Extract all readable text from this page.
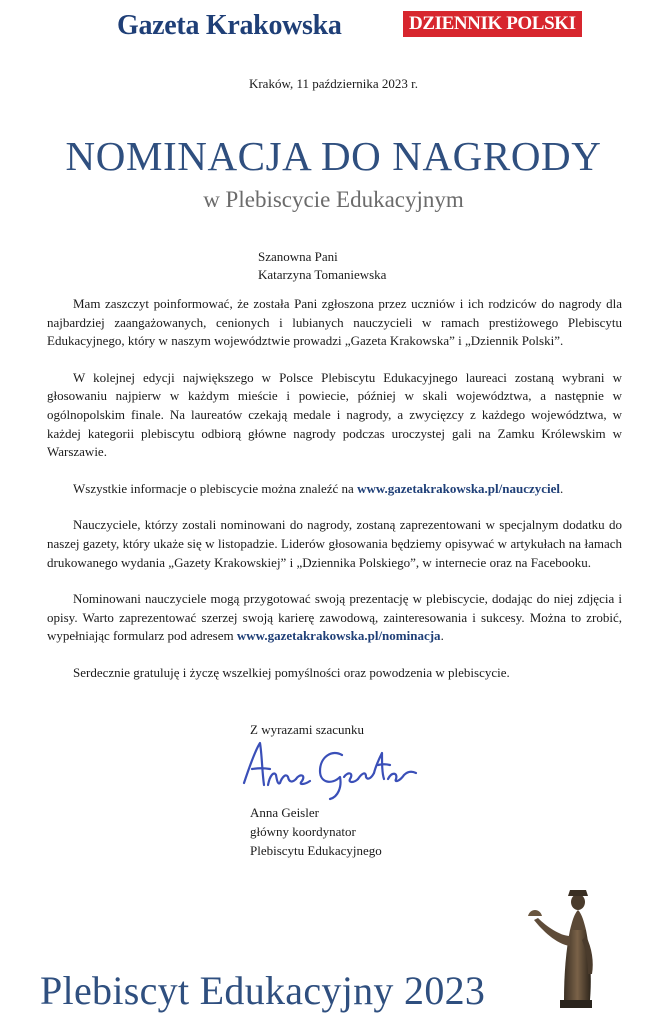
Gazeta Krakowska	DZIENNIK POLSKI
Kraków, 11 października 2023 r.
NOMINACJA DO NAGRODY
w Plebiscycie Edukacyjnym
Szanowna Pani
Katarzyna Tomaniewska

Mam zaszczyt poinformować, że została Pani zgłoszona przez uczniów i ich rodziców do nagrody dla najbardziej zaangażowanych, cenionych i lubianych nauczycieli w ramach prestiżowego Plebiscytu Edukacyjnego, który w naszym województwie prowadzi „Gazeta Krakowska” i „Dziennik Polski”.

W kolejnej edycji największego w Polsce Plebiscytu Edukacyjnego laureaci zostaną wybrani w głosowaniu najpierw w każdym mieście i powiecie, później w skali województwa, a następnie w ogólnopolskim finale. Na laureatów czekają medale i nagrody, a zwycięzcy z każdego województwa, w każdej kategorii plebiscytu odbiorą główne nagrody podczas uroczystej gali na Zamku Królewskim w Warszawie.

Wszystkie informacje o plebiscycie można znaleźć na www.gazetakrakowska.pl/nauczyciel.

Nauczyciele, którzy zostali nominowani do nagrody, zostaną zaprezentowani w specjalnym dodatku do naszej gazety, który ukaże się w listopadzie. Liderów głosowania będziemy opisywać w artykułach na łamach drukowanego wydania „Gazety Krakowskiej” i „Dziennika Polskiego”, w internecie oraz na Facebooku.

Nominowani nauczyciele mogą przygotować swoją prezentację w plebiscycie, dodając do niej zdjęcia i opisy. Warto zaprezentować szerzej swoją karierę zawodową, zainteresowania i sukcesy. Można to zrobić, wypełniając formularz pod adresem www.gazetakrakowska.pl/nominacja.

Serdecznie gratuluję i życzę wszelkiej pomyślności oraz powodzenia w plebiscycie.

Z wyrazami szacunku
Anna Geisler
główny koordynator
Plebiscytu Edukacyjnego
Plebiscyt Edukacyjny 2023
